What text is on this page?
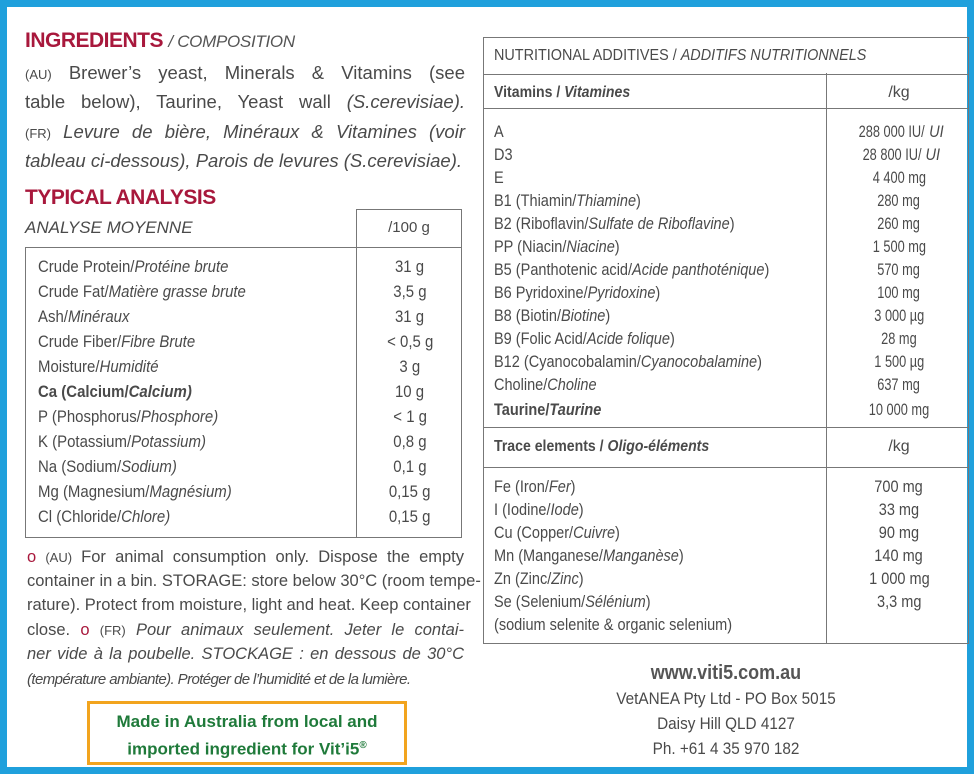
INGREDIENTS / COMPOSITION
(AU) Brewer’s yeast, Minerals & Vitamins (see
table below), Taurine, Yeast wall (S.cerevisiae).
(FR) Levure de bière, Minéraux & Vitamines (voir
tableau ci-dessous), Parois de levures (S.cerevisiae).
TYPICAL ANALYSIS
ANALYSE MOYENNE	/100 g
Crude Protein/Protéine brute	31 g
Crude Fat/Matière grasse brute	3,5 g
Ash/Minéraux	31 g
Crude Fiber/Fibre Brute	< 0,5 g
Moisture/Humidité	3 g
Ca (Calcium/Calcium)	10 g
P (Phosphorus/Phosphore)	< 1 g
K (Potassium/Potassium)	0,8 g
Na (Sodium/Sodium)	0,1 g
Mg (Magnesium/Magnésium)	0,15 g
Cl (Chloride/Chlore)	0,15 g
o (AU) For animal consumption only. Dispose the empty
container in a bin. STORAGE: store below 30°C (room tempe-
rature). Protect from moisture, light and heat. Keep container
close. o (FR) Pour animaux seulement. Jeter le contai-
ner vide à la poubelle. STOCKAGE : en dessous de 30°C
(température ambiante). Protéger de l’humidité et de la lumière.
Made in Australia from local and
imported ingredient for Vit’i5®
NUTRITIONAL ADDITIVES / ADDITIFS NUTRITIONNELS
Vitamins / Vitamines	/kg
Trace elements / Oligo-éléments	/kg
A	288 000 IU/ UI
D3	28 800 IU/ UI
E	4 400 mg
B1 (Thiamin/Thiamine)	280 mg
B2 (Riboflavin/Sulfate de Riboflavine)	260 mg
PP (Niacin/Niacine)	1 500 mg
B5 (Panthotenic acid/Acide panthoténique)	570 mg
B6 Pyridoxine/Pyridoxine)	100 mg
B8 (Biotin/Biotine)	3 000 µg
B9 (Folic Acid/Acide folique)	28 mg
B12 (Cyanocobalamin/Cyanocobalamine)	1 500 µg
Choline/Choline	637 mg
Taurine/Taurine	10 000 mg
Fe (Iron/Fer)	700 mg
I (Iodine/Iode)	33 mg
Cu (Copper/Cuivre)	90 mg
Mn (Manganese/Manganèse)	140 mg
Zn (Zinc/Zinc)	1 000 mg
Se (Selenium/Sélénium)	3,3 mg
(sodium selenite & organic selenium)
www.viti5.com.au
VetANEA Pty Ltd - PO Box 5015
Daisy Hill QLD 4127
Ph. +61 4 35 970 182
